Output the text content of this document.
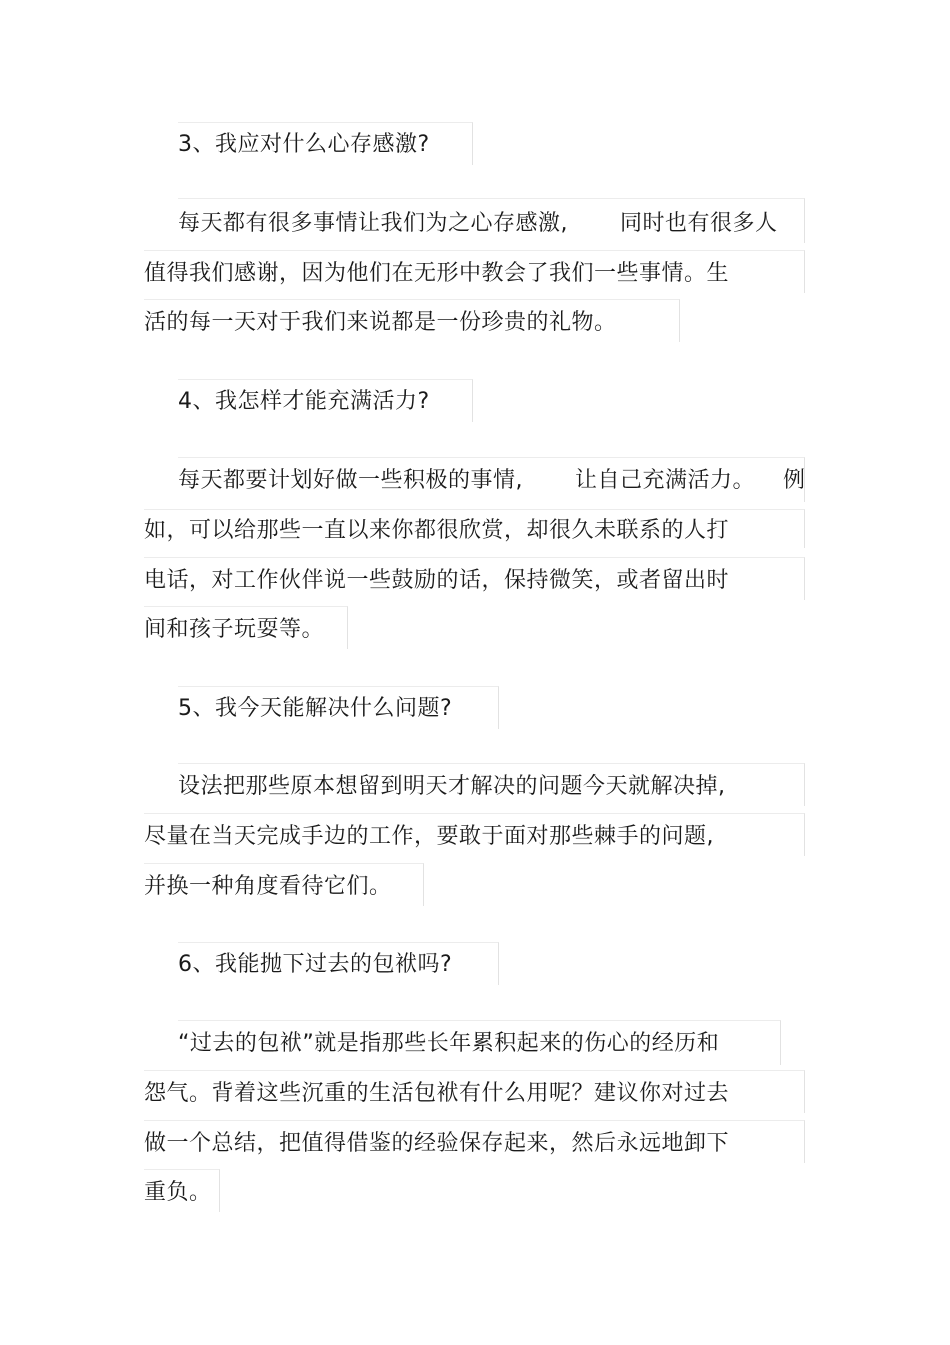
3、我应对什么心存感激?
每天都有很多事情让我们为之心存感激, 同时也有很多人
值得我们感谢，因为他们在无形中教会了我们一些事情。生
活的每一天对于我们来说都是一份珍贵的礼物。
4、我怎样才能充满活力?
每天都要计划好做一些积极的事情, 让自己充满活力。 例
如，可以给那些一直以来你都很欣赏，却很久未联系的人打
电话，对工作伙伴说一些鼓励的话，保持微笑，或者留出时
间和孩子玩耍等。
5、我今天能解决什么问题?
设法把那些原本想留到明天才解决的问题今天就解决掉,
尽量在当天完成手边的工作，要敢于面对那些棘手的问题,
并换一种角度看待它们。
6、我能抛下过去的包袱吗?
“过去的包袱”就是指那些长年累积起来的伤心的经历和
怨气。背着这些沉重的生活包袱有什么用呢？建议你对过去
做一个总结，把值得借鉴的经验保存起来，然后永远地卸下
重负。
